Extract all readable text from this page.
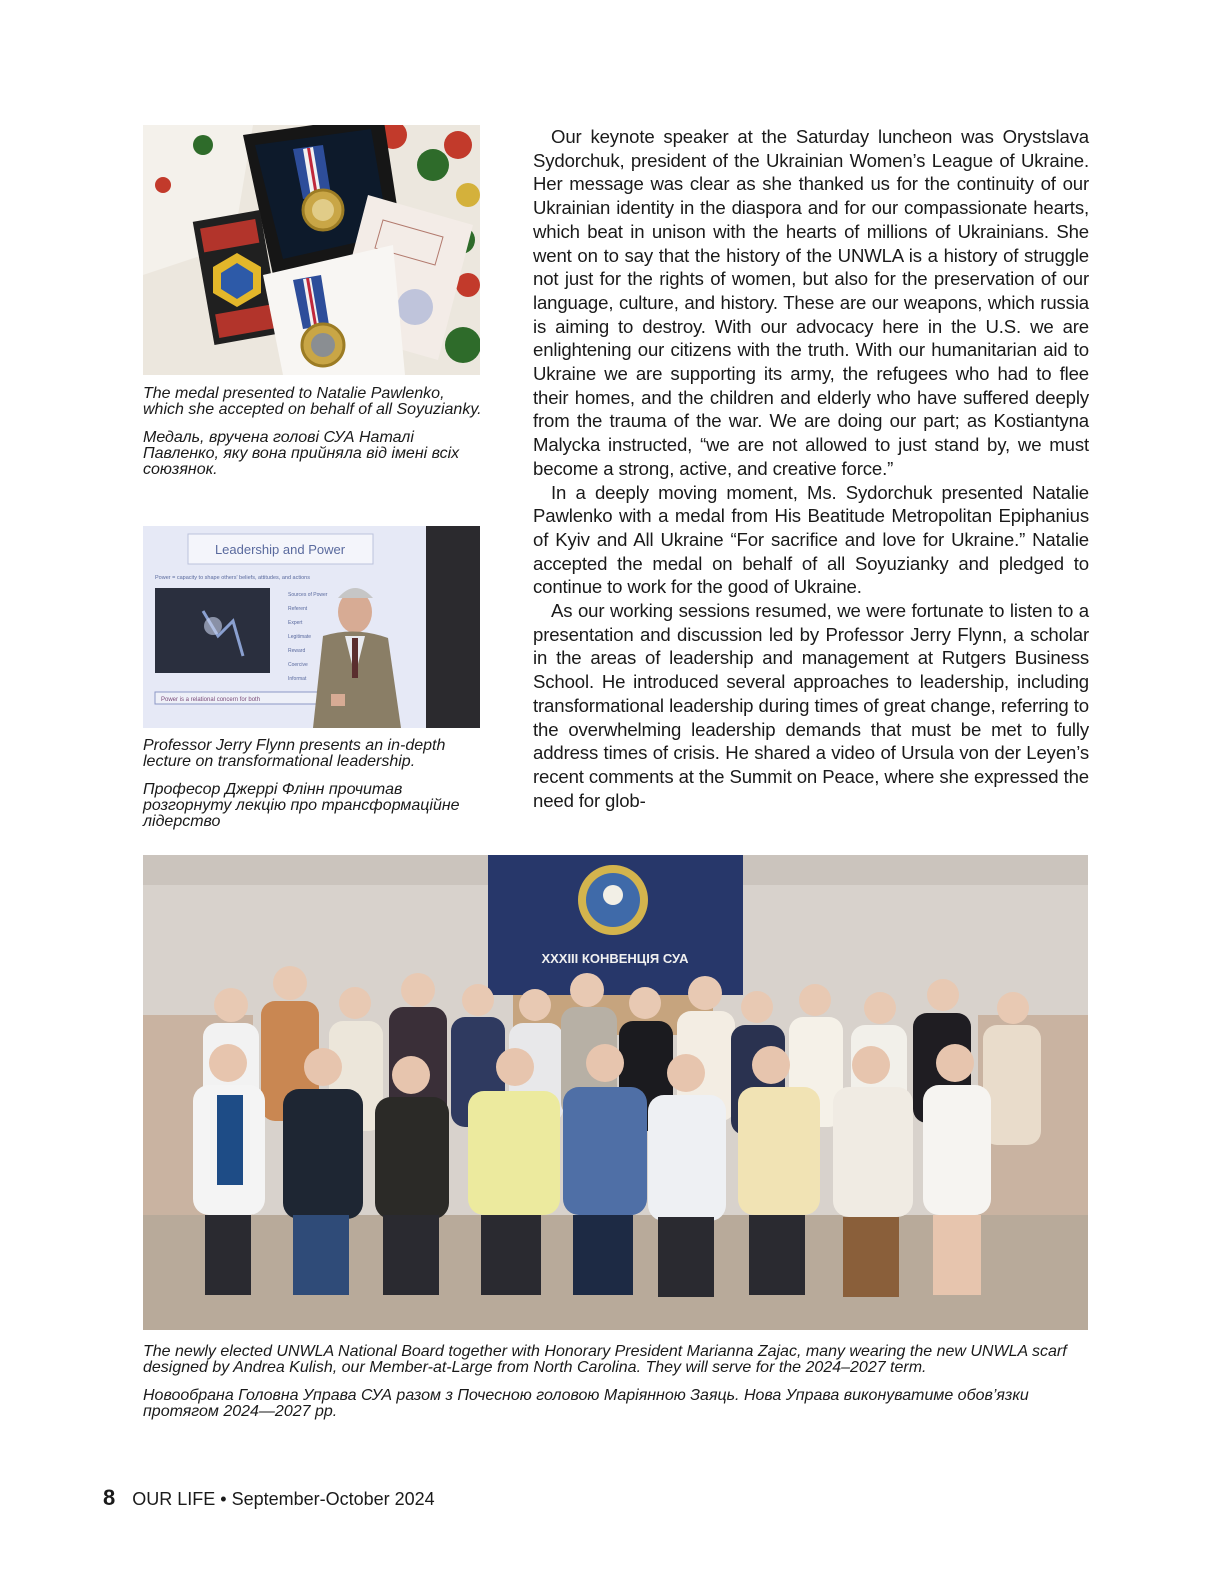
The medal presented to Natalie Pawlenko, which she accepted on behalf of all Soyuzianky.

Медаль, вручена голові СУА Наталі Павленко, яку вона прийняла від імені всіх союзянок.

Leadership and Power
Power = capacity to shape others' beliefs, attitudes, and actions
Sources of Power
Referent
Expert
Legitimate
Reward
Coercive
Informat
Power is a relational concern for both

Professor Jerry Flynn presents an in-depth lecture on transformational leadership.

Професор Джеррі Флінн прочитав розгорнуту лекцію про трансформаційне лідерство

Our keynote speaker at the Saturday luncheon was Orystslava Sydorchuk, president of the Ukrainian Women’s League of Ukraine. Her message was clear as she thanked us for the continuity of our Ukrainian identity in the diaspora and for our compassionate hearts, which beat in unison with the hearts of millions of Ukrainians. She went on to say that the history of the UNWLA is a history of struggle not just for the rights of women, but also for the preservation of our language, culture, and history. These are our weapons, which russia is aiming to destroy. With our advocacy here in the U.S. we are enlightening our citizens with the truth. With our humanitarian aid to Ukraine we are supporting its army, the refugees who had to flee their homes, and the children and elderly who have suffered deeply from the trauma of the war. We are doing our part; as Kostiantyna Malycka instructed, “we are not allowed to just stand by, we must become a strong, active, and creative force.”

In a deeply moving moment, Ms. Sydorchuk presented Natalie Pawlenko with a medal from His Beatitude Metropolitan Epiphanius of Kyiv and All Ukraine “For sacrifice and love for Ukraine.” Natalie accepted the medal on behalf of all Soyuzianky and pledged to continue to work for the good of Ukraine.

As our working sessions resumed, we were fortunate to listen to a presentation and discussion led by Professor Jerry Flynn, a scholar in the areas of leadership and management at Rutgers Business School. He introduced several approaches to leadership, including transformational leadership during times of great change, referring to the overwhelming leadership demands that must be met to fully address times of crisis. He shared a video of Ursula von der Leyen’s recent comments at the Summit on Peace, where she expressed the need for glob-

XXXIII КОНВЕНЦІЯ СУА

The newly elected UNWLA National Board together with Honorary President Marianna Zajac, many wearing the new UNWLA scarf designed by Andrea Kulish, our Member-at-Large from North Carolina. They will serve for the 2024–2027 term.

Новообрана Головна Управа СУА разом з Почесною головою Маріянною Заяць. Нова Управа виконуватиме обов’язки протягом 2024—2027 рр.

8 OUR LIFE • September-October 2024
